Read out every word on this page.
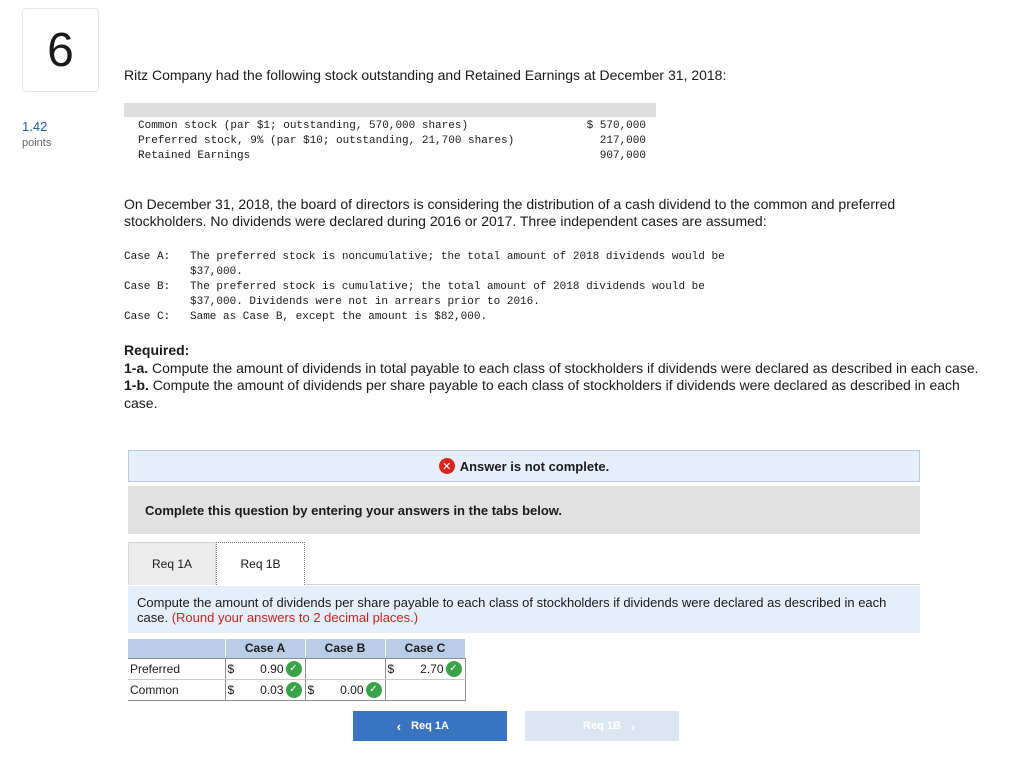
6
1.42
points
Ritz Company had the following stock outstanding and Retained Earnings at December 31, 2018:
Common stock (par $1; outstanding, 570,000 shares)	$ 570,000
Preferred stock, 9% (par $10; outstanding, 21,700 shares)	217,000
Retained Earnings	907,000
On December 31, 2018, the board of directors is considering the distribution of a cash dividend to the common and preferred stockholders. No dividends were declared during 2016 or 2017. Three independent cases are assumed:
Case A:	The preferred stock is noncumulative; the total amount of 2018 dividends would be $37,000.
Case B:	The preferred stock is cumulative; the total amount of 2018 dividends would be $37,000. Dividends were not in arrears prior to 2016.
Case C:	Same as Case B, except the amount is $82,000.
Required:
1-a. Compute the amount of dividends in total payable to each class of stockholders if dividends were declared as described in each case.
1-b. Compute the amount of dividends per share payable to each class of stockholders if dividends were declared as described in each case.
✕ Answer is not complete.
Complete this question by entering your answers in the tabs below.
Req 1A	Req 1B
Compute the amount of dividends per share payable to each class of stockholders if dividends were declared as described in each case. (Round your answers to 2 decimal places.)
	Case A	Case B	Case C
Preferred	$ 0.90 ✓		$ 2.70 ✓

Common	$ 0.03 ✓	$ 0.00 ✓	

‹ Req 1A	Req 1B ›
